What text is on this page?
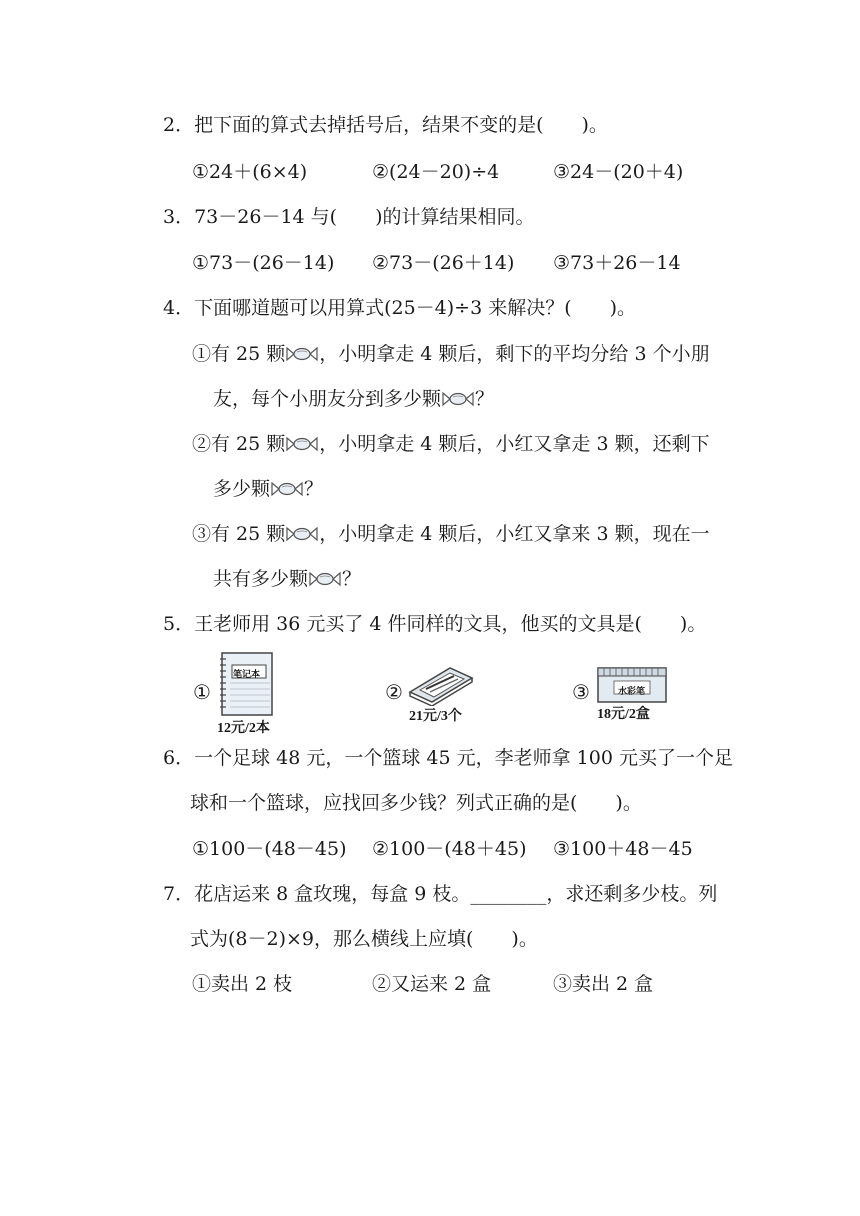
2．把下面的算式去掉括号后，结果不变的是(　　)。
①24＋(6×4)	②(24－20)÷4	③24－(20＋4)
3．73－26－14 与(　　)的计算结果相同。
①73－(26－14) ②73－(26＋14) ③73＋26－14
4．下面哪道题可以用算式(25－4)÷3 来解决？(　　)。
①有 25 颗 ，小明拿走 4 颗后，剩下的平均分给 3 个小朋
友，每个小朋友分到多少颗 ？
②有 25 颗 ，小明拿走 4 颗后，小红又拿走 3 颗，还剩下
多少颗 ？
③有 25 颗 ，小明拿走 4 颗后，小红又拿来 3 颗，现在一
共有多少颗 ？
5．王老师用 36 元买了 4 件同样的文具，他买的文具是(　　)。
①
笔记本
12元/2本
②
21元/3个
③	水彩笔
18元/2盒
6．一个足球 48 元，一个篮球 45 元，李老师拿 100 元买了一个足
球和一个篮球，应找回多少钱？列式正确的是(　　)。
①100－(48－45) ②100－(48＋45) ③100＋48－45
7．花店运来 8 盒玫瑰，每盒 9 枝。________，求还剩多少枝。列
式为(8－2)×9，那么横线上应填(　　)。
①卖出 2 枝	②又运来 2 盒	③卖出 2 盒
